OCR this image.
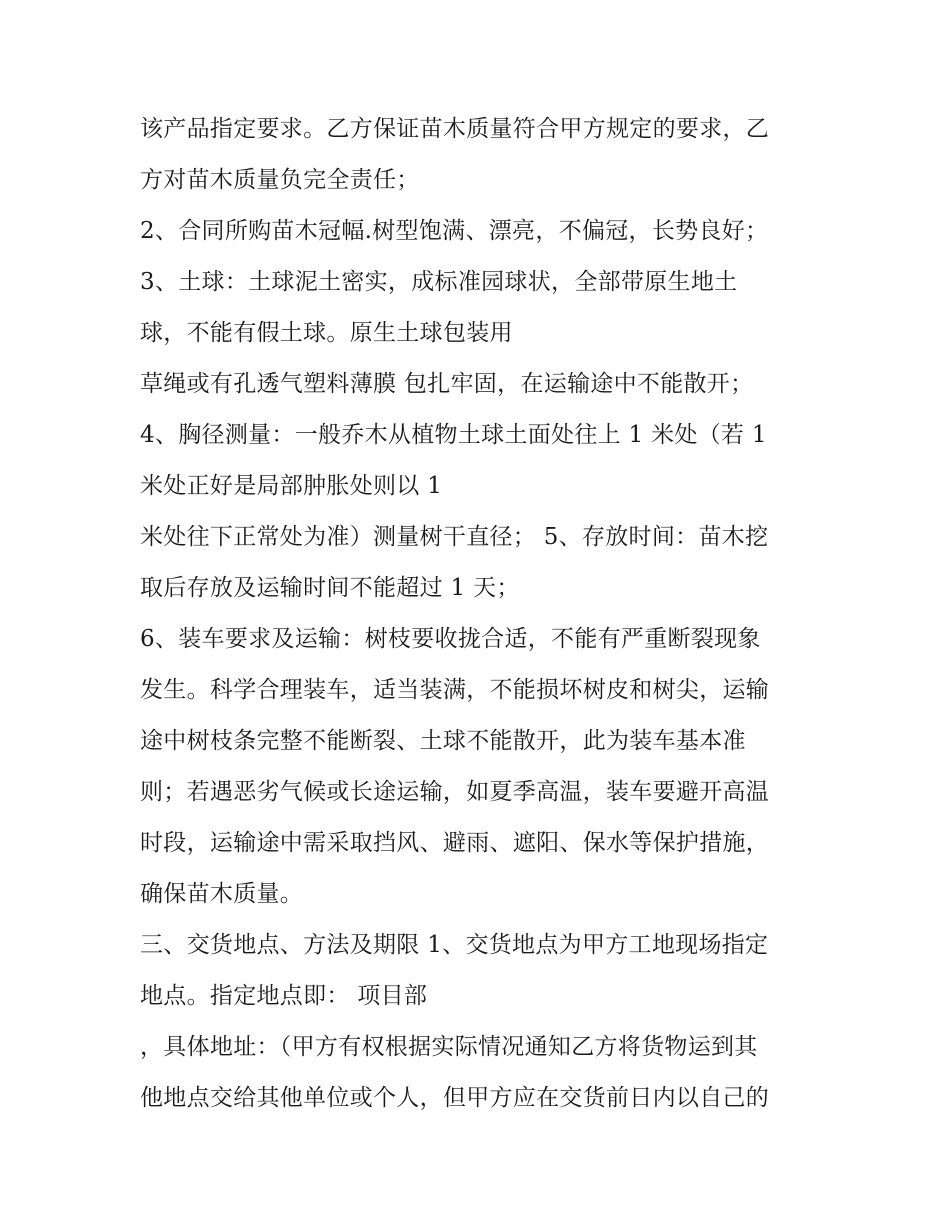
该产品指定要求。乙方保证苗木质量符合甲方规定的要求，乙
方对苗木质量负完全责任；
2、合同所购苗木冠幅.树型饱满、漂亮，不偏冠，长势良好；
3、土球：土球泥土密实，成标准园球状，全部带原生地土
球，不能有假土球。原生土球包装用
草绳或有孔透气塑料薄膜 包扎牢固，在运输途中不能散开；
4、胸径测量：一般乔木从植物土球土面处往上 1 米处（若 1
米处正好是局部肿胀处则以 1
米处往下正常处为准）测量树干直径； 5、存放时间：苗木挖
取后存放及运输时间不能超过 1 天；
6、装车要求及运输：树枝要收拢合适，不能有严重断裂现象
发生。科学合理装车，适当装满，不能损坏树皮和树尖，运输
途中树枝条完整不能断裂、土球不能散开，此为装车基本准
则；若遇恶劣气候或长途运输，如夏季高温，装车要避开高温
时段，运输途中需采取挡风、避雨、遮阳、保水等保护措施，
确保苗木质量。
三、交货地点、方法及期限 1、交货地点为甲方工地现场指定
地点。指定地点即： 项目部
，具体地址：（甲方有权根据实际情况通知乙方将货物运到其
他地点交给其他单位或个人，但甲方应在交货前日内以自己的
